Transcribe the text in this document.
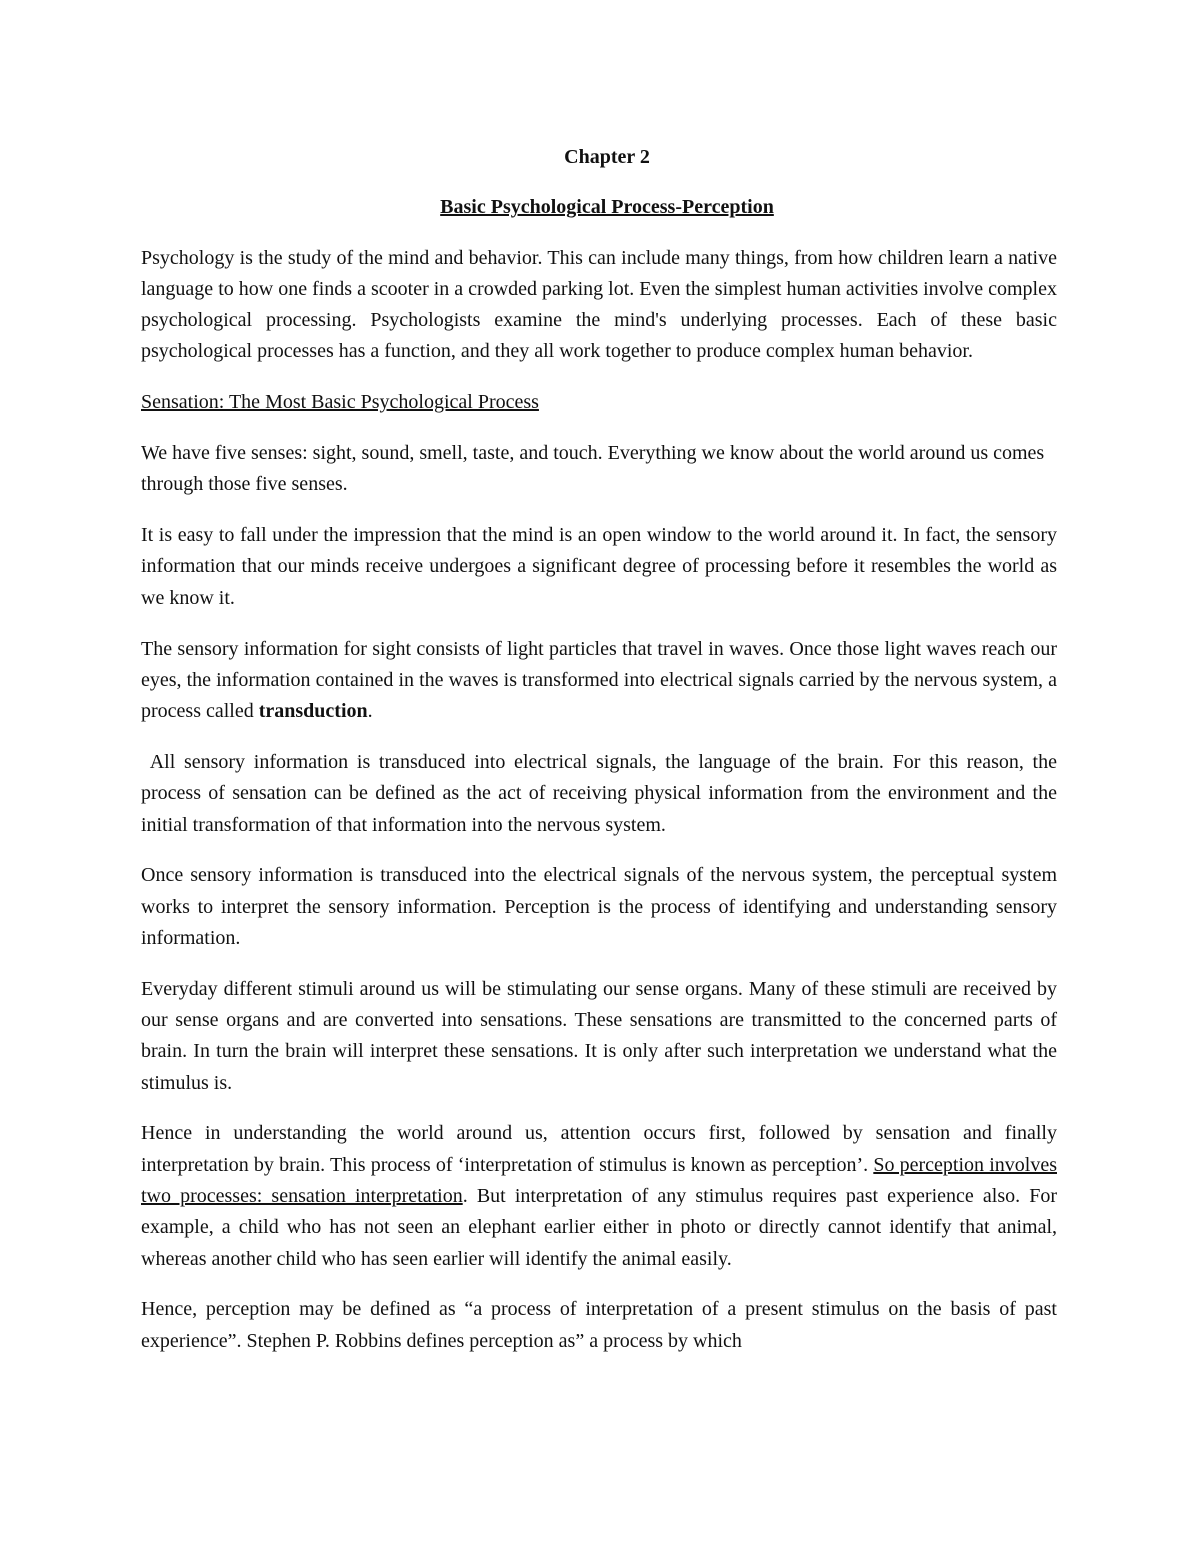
Chapter 2
Basic Psychological Process-Perception

Psychology is the study of the mind and behavior. This can include many things, from how children learn a native language to how one finds a scooter in a crowded parking lot. Even the simplest human activities involve complex psychological processing. Psychologists examine the mind's underlying processes. Each of these basic psychological processes has a function, and they all work together to produce complex human behavior.

Sensation: The Most Basic Psychological Process

We have five senses: sight, sound, smell, taste, and touch. Everything we know about the world around us comes through those five senses.

It is easy to fall under the impression that the mind is an open window to the world around it. In fact, the sensory information that our minds receive undergoes a significant degree of processing before it resembles the world as we know it.

The sensory information for sight consists of light particles that travel in waves. Once those light waves reach our eyes, the information contained in the waves is transformed into electrical signals carried by the nervous system, a process called transduction.

All sensory information is transduced into electrical signals, the language of the brain. For this reason, the process of sensation can be defined as the act of receiving physical information from the environment and the initial transformation of that information into the nervous system.

Once sensory information is transduced into the electrical signals of the nervous system, the perceptual system works to interpret the sensory information. Perception is the process of identifying and understanding sensory information.

Everyday different stimuli around us will be stimulating our sense organs. Many of these stimuli are received by our sense organs and are converted into sensations. These sensations are transmitted to the concerned parts of brain. In turn the brain will interpret these sensations. It is only after such interpretation we understand what the stimulus is.

Hence in understanding the world around us, attention occurs first, followed by sensation and finally interpretation by brain. This process of ‘interpretation of stimulus is known as perception’. So perception involves two processes: sensation interpretation. But interpretation of any stimulus requires past experience also. For example, a child who has not seen an elephant earlier either in photo or directly cannot identify that animal, whereas another child who has seen earlier will identify the animal easily.

Hence, perception may be defined as “a process of interpretation of a present stimulus on the basis of past experience”. Stephen P. Robbins defines perception as” a process by which
